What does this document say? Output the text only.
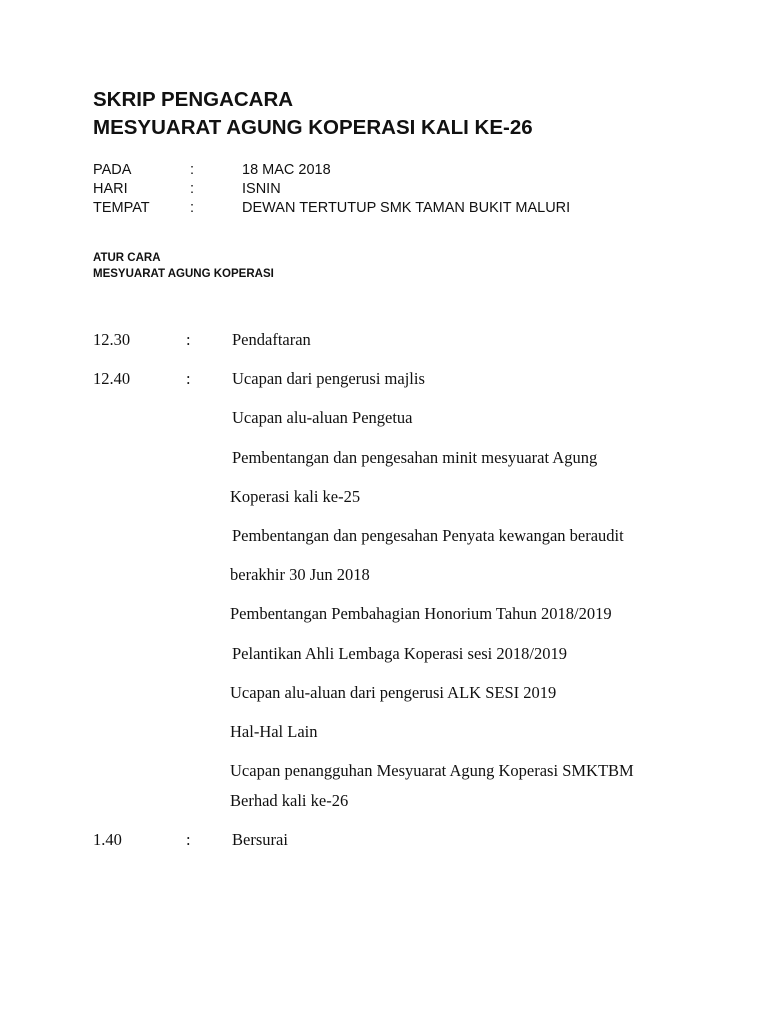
SKRIP PENGACARA
MESYUARAT AGUNG KOPERASI KALI KE-26
PADA	:	18 MAC 2018
HARI	:	ISNIN
TEMPAT	:	DEWAN TERTUTUP SMK TAMAN BUKIT MALURI
ATUR CARA
MESYUARAT AGUNG KOPERASI
12.30	:	Pendaftaran
12.40	:	Ucapan dari pengerusi majlis
Ucapan alu-aluan Pengetua
Pembentangan dan pengesahan minit mesyuarat Agung
Koperasi kali ke-25
Pembentangan dan pengesahan Penyata kewangan beraudit
berakhir 30 Jun 2018
Pembentangan Pembahagian Honorium Tahun 2018/2019
Pelantikan Ahli Lembaga Koperasi sesi 2018/2019
Ucapan alu-aluan dari pengerusi ALK SESI 2019
Hal-Hal Lain
Ucapan penangguhan Mesyuarat Agung Koperasi SMKTBM
Berhad kali ke-26
1.40	:	Bersurai
